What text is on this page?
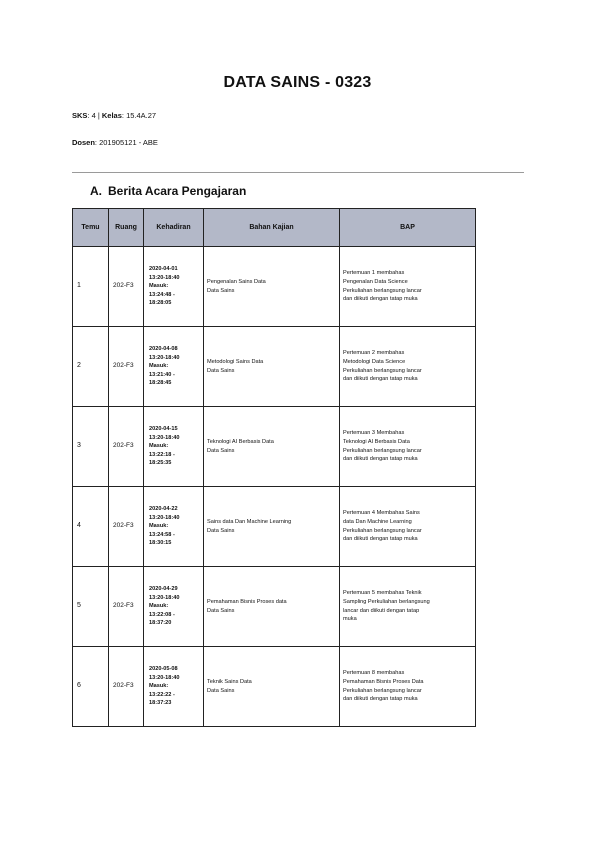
DATA SAINS - 0323
SKS: 4 | Kelas: 15.4A.27
Dosen: 201905121 - ABE
A. Berita Acara Pengajaran
Temu	Ruang	Kehadiran	Bahan Kajian	BAP
1	202-F3	2020-04-01
13:20-18:40
Masuk:
13:24:48 -
18:28:05	Pengenalan Sains Data
Data Sains	Pertemuan 1 membahas
Pengenalan Data Science
Perkuliahan berlangsung lancar
dan diikuti dengan tatap muka

2	202-F3	2020-04-08
13:20-18:40
Masuk:
13:21:40 -
18:28:45	Metodologi Sains Data
Data Sains	Pertemuan 2 membahas
Metodologi Data Science
Perkuliahan berlangsung lancar
dan diikuti dengan tatap muka

3	202-F3	2020-04-15
13:20-18:40
Masuk:
13:22:18 -
18:25:35	Teknologi AI Berbasis Data
Data Sains	Pertemuan 3 Membahas
Teknologi AI Berbasis Data
Perkuliahan berlangsung lancar
dan diikuti dengan tatap muka

4	202-F3	2020-04-22
13:20-18:40
Masuk:
13:24:58 -
18:30:15	Sains data Dan Machine Learning
Data Sains	Pertemuan 4 Membahas Sains
data Dan Machine Learning
Perkuliahan berlangsung lancar
dan diikuti dengan tatap muka

5	202-F3	2020-04-29
13:20-18:40
Masuk:
13:22:08 -
18:37:20	Pemahaman Bisnis Proses data
Data Sains	Pertemuan 5 membahas Teknik
Sampling Perkuliahan berlangsung
lancar dan diikuti dengan tatap
muka

6	202-F3	2020-05-08
13:20-18:40
Masuk:
13:22:22 -
18:37:23	Teknik Sains Data
Data Sains	Pertemuan 8 membahas
Pemahaman Bisnis Proses Data
Perkuliahan berlangsung lancar
dan diikuti dengan tatap muka
